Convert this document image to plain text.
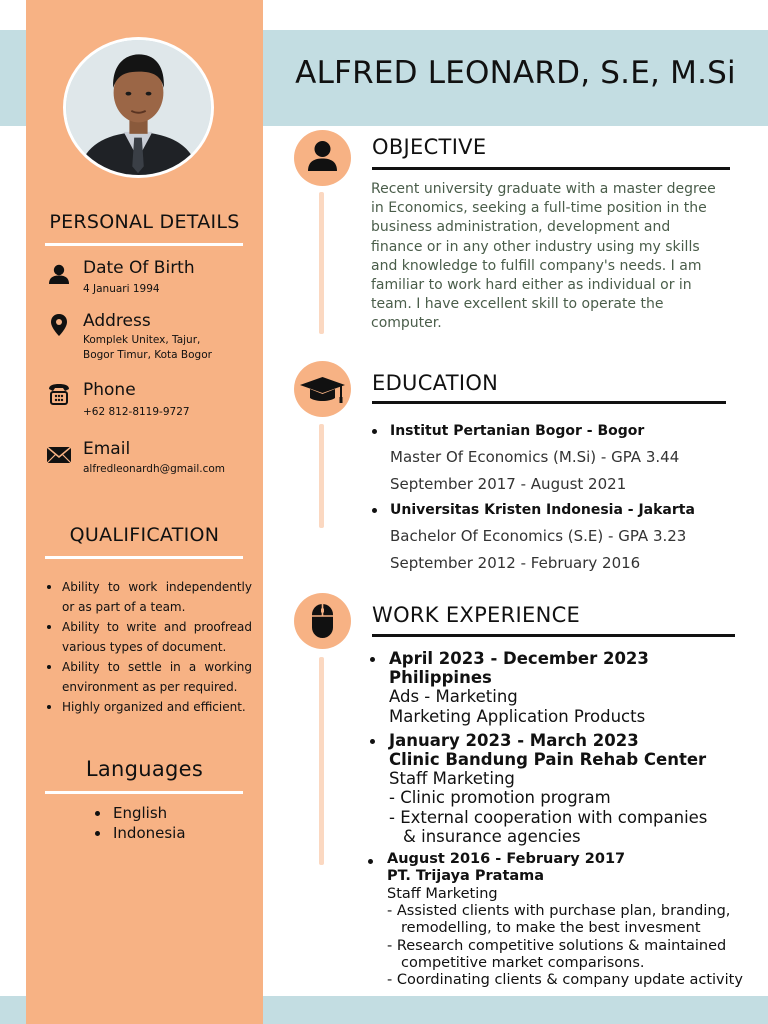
PERSONAL DETAILS
Date Of Birth
4 Januari 1994
Address
Komplek Unitex, Tajur,
Bogor Timur, Kota Bogor
Phone
+62 812-8119-9727
Email
alfredleonardh@gmail.com
QUALIFICATION
Ability to work independently or as part of a team.
Ability to write and proofread various types of document.
Ability to settle in a working environment as per required.
Highly organized and efficient.
Languages
English
Indonesia
ALFRED LEONARD, S.E, M.Si
OBJECTIVE
Recent university graduate with a master degree in Economics, seeking a full-time position in the business administration, development and finance or in any other industry using my skills and knowledge to fulfill company's needs. I am familiar to work hard either as individual or in team. I have excellent skill to operate the computer.
EDUCATION
Institut Pertanian Bogor - Bogor
Master Of Economics (M.Si) - GPA 3.44
September 2017 - August 2021
Universitas Kristen Indonesia - Jakarta
Bachelor Of Economics (S.E) - GPA 3.23
September 2012 - February 2016
WORK EXPERIENCE
April 2023 - December 2023
Philippines
Ads - Marketing
Marketing Application Products
January 2023 - March 2023
Clinic Bandung Pain Rehab Center
Staff Marketing
- Clinic promotion program
- External cooperation with companies
& insurance agencies
August 2016 - February 2017
PT. Trijaya Pratama
Staff Marketing
- Assisted clients with purchase plan, branding,
remodelling, to make the best invesment
- Research competitive solutions & maintained
competitive market comparisons.
- Coordinating clients & company update activity
